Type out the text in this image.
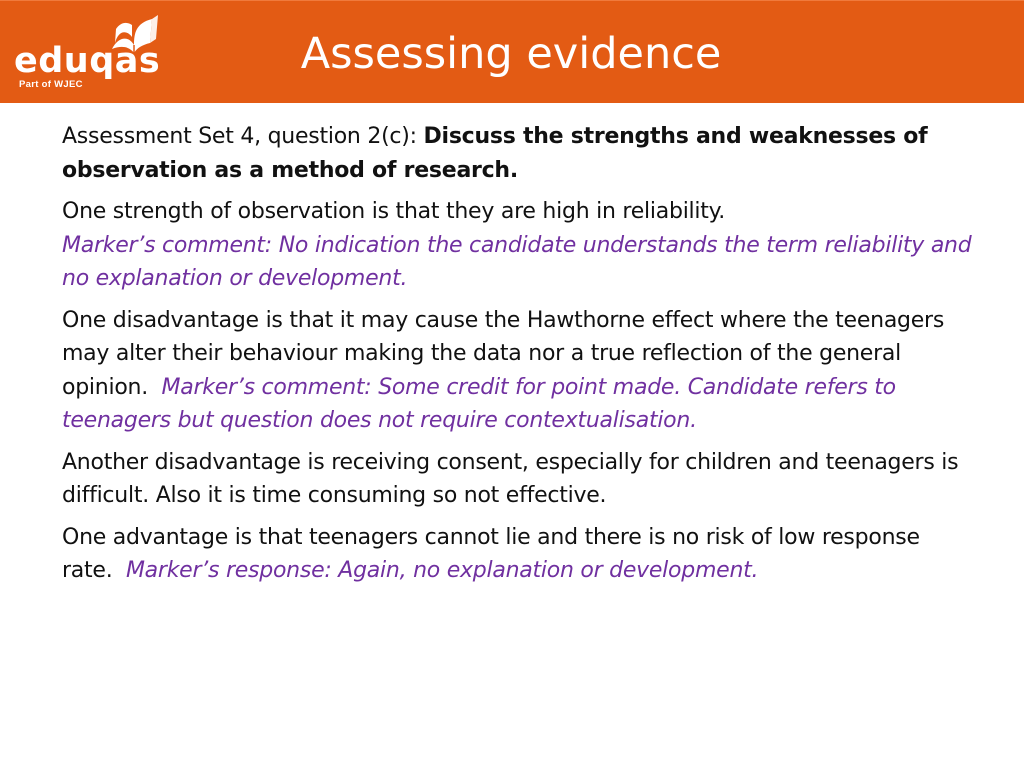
eduqas
Part of WJEC
Assessing evidence

Assessment Set 4, question 2(c): Discuss the strengths and weaknesses of observation as a method of research.

One strength of observation is that they are high in reliability.
Marker’s comment: No indication the candidate understands the term reliability and no explanation or development.

One disadvantage is that it may cause the Hawthorne effect where the teenagers may alter their behaviour making the data nor a true reflection of the general opinion. Marker’s comment: Some credit for point made. Candidate refers to teenagers but question does not require contextualisation.

Another disadvantage is receiving consent, especially for children and teenagers is difficult. Also it is time consuming so not effective.

One advantage is that teenagers cannot lie and there is no risk of low response rate. Marker’s response: Again, no explanation or development.
